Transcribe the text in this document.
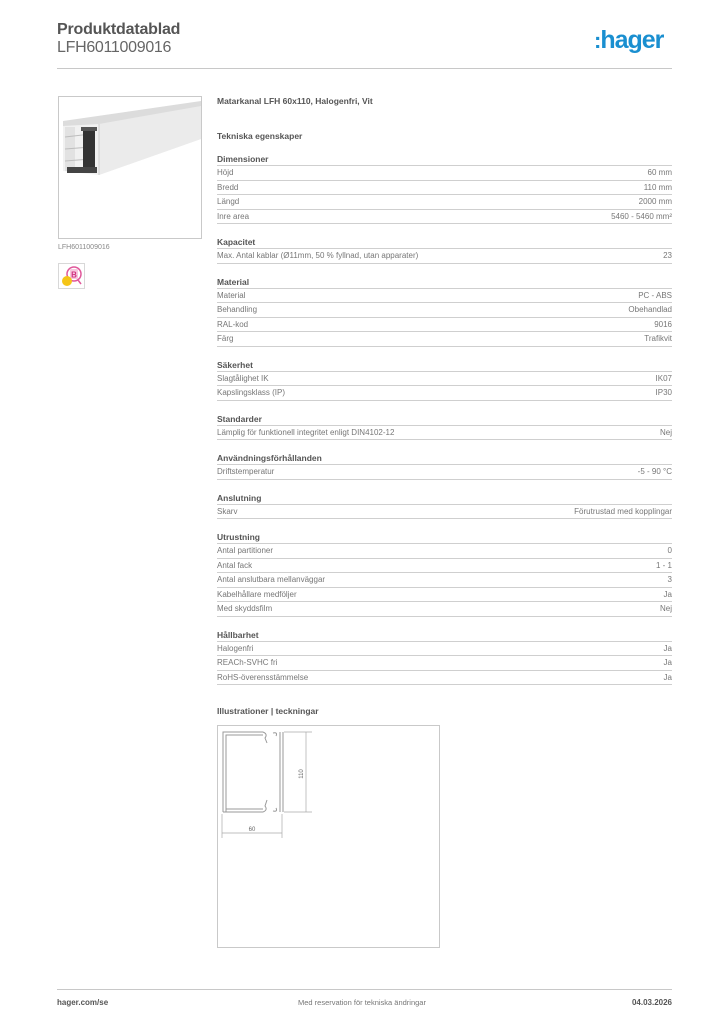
Produktdatablad
LFH6011009016	:hager
LFH6011009016
B
Matarkanal LFH 60x110, Halogenfri, Vit
Tekniska egenskaper
Dimensioner
Höjd	60 mm
Bredd	110 mm
Längd	2000 mm
Inre area	5460 - 5460 mm²
Kapacitet
Max. Antal kablar (Ø11mm, 50 % fyllnad, utan apparater)	23
Material
Material	PC - ABS
Behandling	Obehandlad
RAL-kod	9016
Färg	Trafikvit
Säkerhet
Slagtålighet IK	IK07
Kapslingsklass (IP)	IP30
Standarder
Lämplig för funktionell integritet enligt DIN4102-12	Nej
Användningsförhållanden
Driftstemperatur	-5 - 90 °C
Anslutning
Skarv	Förutrustad med kopplingar
Utrustning
Antal partitioner	0
Antal fack	1 - 1
Antal anslutbara mellanväggar	3
Kabelhållare medföljer	Ja
Med skyddsfilm	Nej
Hållbarhet
Halogenfri	Ja
REACh-SVHC fri	Ja
RoHS-överensstämmelse	Ja
Illustrationer | teckningar
110
60
hager.com/se	Med reservation för tekniska ändringar	04.03.2026
